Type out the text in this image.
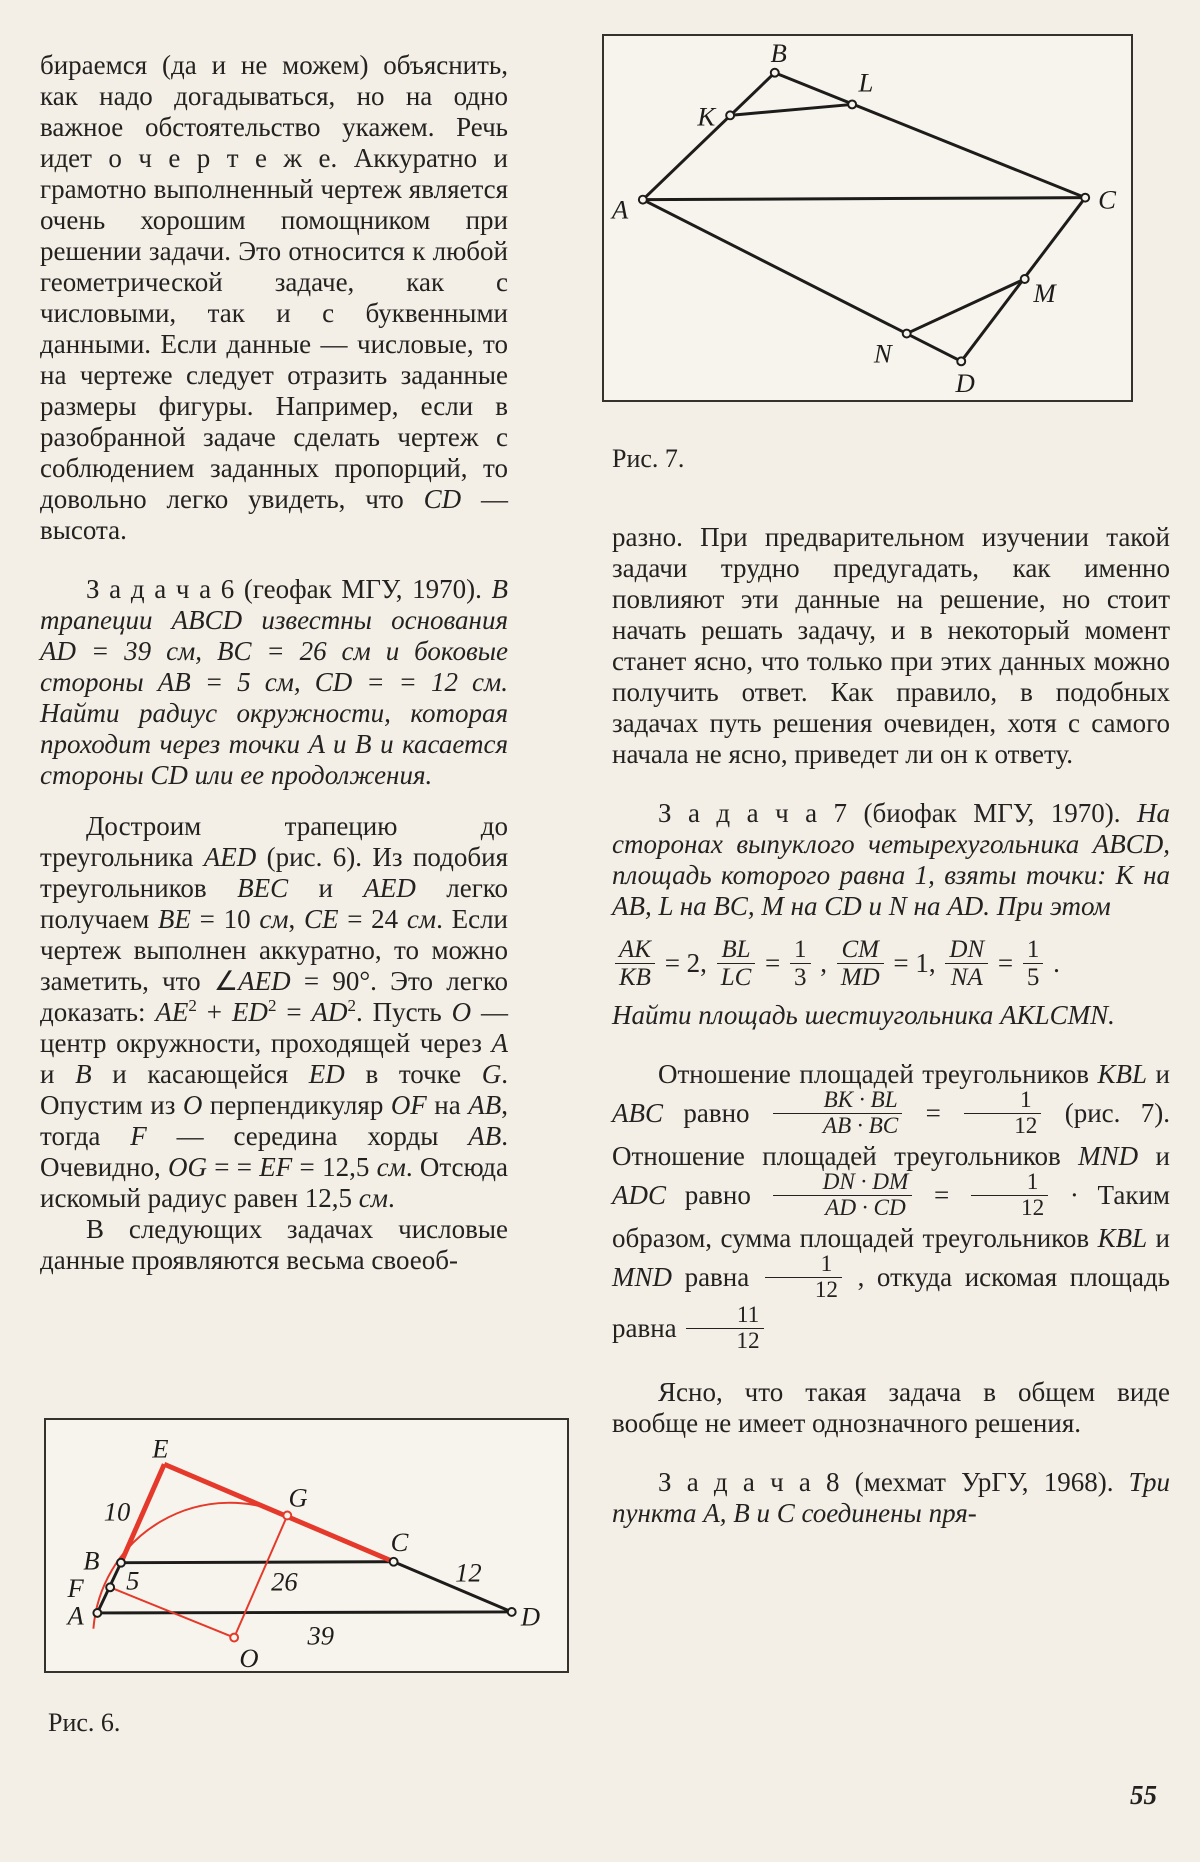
бираемся (да и не можем) объяснить, как надо догадываться, но на одно важное обстоятельство укажем. Речь идет о ч е р т е ж е. Аккуратно и грамотно выполненный чертеж является очень хорошим помощником при решении задачи. Это относится к любой геометрической задаче, как с числовыми, так и с буквенными данными. Если данные — числовые, то на чертеже следует отразить заданные размеры фигуры. Например, если в разобранной задаче сделать чертеж с соблюдением заданных пропорций, то довольно легко увидеть, что CD — высота.

З а д а ч а 6 (геофак МГУ, 1970). В трапеции ABCD известны основания AD = 39 см, BC = 26 см и боковые стороны AB = 5 см, CD = = 12 см. Найти радиус окружности, которая проходит через точки A и B и касается стороны CD или ее продолжения.

Достроим трапецию до треугольника AED (рис. 6). Из подобия треугольников BEC и AED легко получаем BE = 10 см, CE = 24 см. Если чертеж выполнен аккуратно, то можно заметить, что ∠AED = 90°. Это легко доказать: $AE^2 + ED^2 = AD^2$. Пусть O — центр окружности, проходящей через A и B и касающейся ED в точке G. Опустим из O перпендикуляр OF на AB, тогда F — середина хорды AB. Очевидно, OG = = EF = 12,5 см. Отсюда искомый радиус равен 12,5 см.

В следующих задачах числовые данные проявляются весьма своеоб-

A
B
C
D
K
L
M
N
Рис. 7.

разно. При предварительном изучении такой задачи трудно предугадать, как именно повлияют эти данные на решение, но стоит начать решать задачу, и в некоторый момент станет ясно, что только при этих данных можно получить ответ. Как правило, в подобных задачах путь решения очевиден, хотя с самого начала не ясно, приведет ли он к ответу.

З а д а ч а 7 (биофак МГУ, 1970). На сторонах выпуклого четырехугольника ABCD, площадь которого равна 1, взяты точки: K на AB, L на BC, M на CD и N на AD. При этом

$\frac{AK}{KB} = 2$, $\frac{BL}{LC} = \frac{1}{3}$ , $\frac{CM}{MD} = 1$, $\frac{DN}{NA} = \frac{1}{5}$ .

Найти площадь шестиугольника AKLCMN.

Отношение площадей треугольников KBL и ABC равно $\frac{BK \cdot BL}{AB \cdot BC} = \frac{1}{12} (рис$. 7). Отношение площадей треугольников MND и ADC равно $\frac{DN \cdot DM}{AD \cdot CD} = \frac{1}{12}$ · Таким образом, сумма площадей треугольников KBL и MND равна $\frac{1}{12}$ , откуда искомая площадь равна $\frac{11}{12}$

Ясно, что такая задача в общем виде вообще не имеет однозначного решения.

З а д а ч а 8 (мехмат УрГУ, 1968). Три пункта A, B и C соединены пря-

E
10
B
F 5
A
G
26
C
12
D
39
O
Рис. 6.
55
